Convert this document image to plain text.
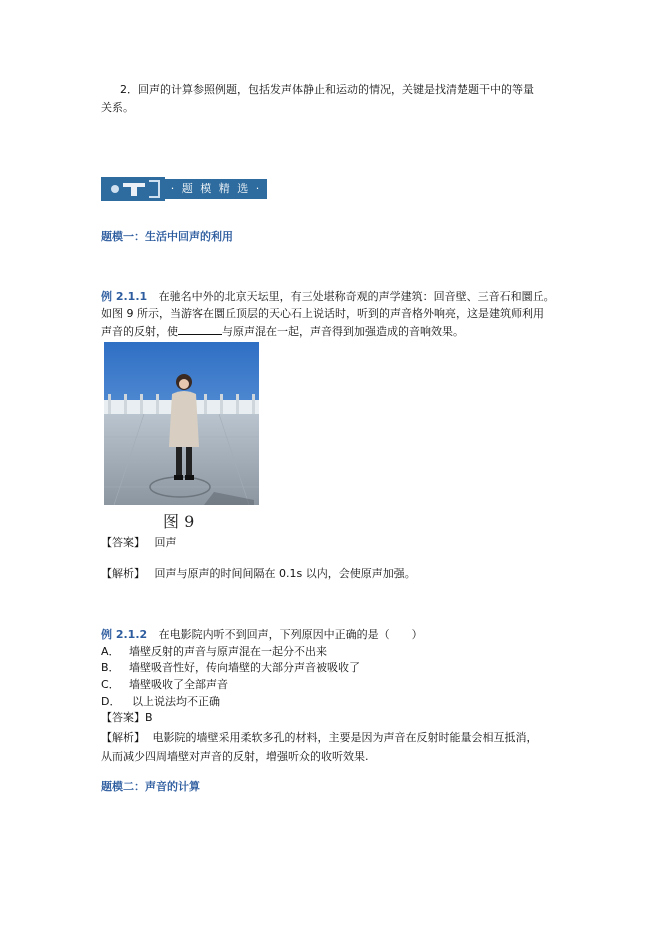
2．回声的计算参照例题，包括发声体静止和运动的情况，关键是找清楚题干中的等量
关系。
· 题 模 精 选 ·
题模一：生活中回声的利用
例 2.1.1 在驰名中外的北京天坛里，有三处堪称奇观的声学建筑：回音壁、三音石和圜丘。
如图 9 所示，当游客在圜丘顶层的天心石上说话时，听到的声音格外响亮，这是建筑师利用
声音的反射，使	与原声混在一起，声音得到加强造成的音响效果。
图 9
【答案】 回声
【解析】 回声与原声的时间间隔在 0.1s 以内，会使原声加强。
例 2.1.2 在电影院内听不到回声，下列原因中正确的是（　　）
A． 墙壁反射的声音与原声混在一起分不出来
B． 墙壁吸音性好，传向墙壁的大部分声音被吸收了
C． 墙壁吸收了全部声音
D． 以上说法均不正确
【答案】B
【解析】 电影院的墙壁采用柔软多孔的材料，主要是因为声音在反射时能量会相互抵消，
从而减少四周墙壁对声音的反射，增强听众的收听效果.
题模二：声音的计算
